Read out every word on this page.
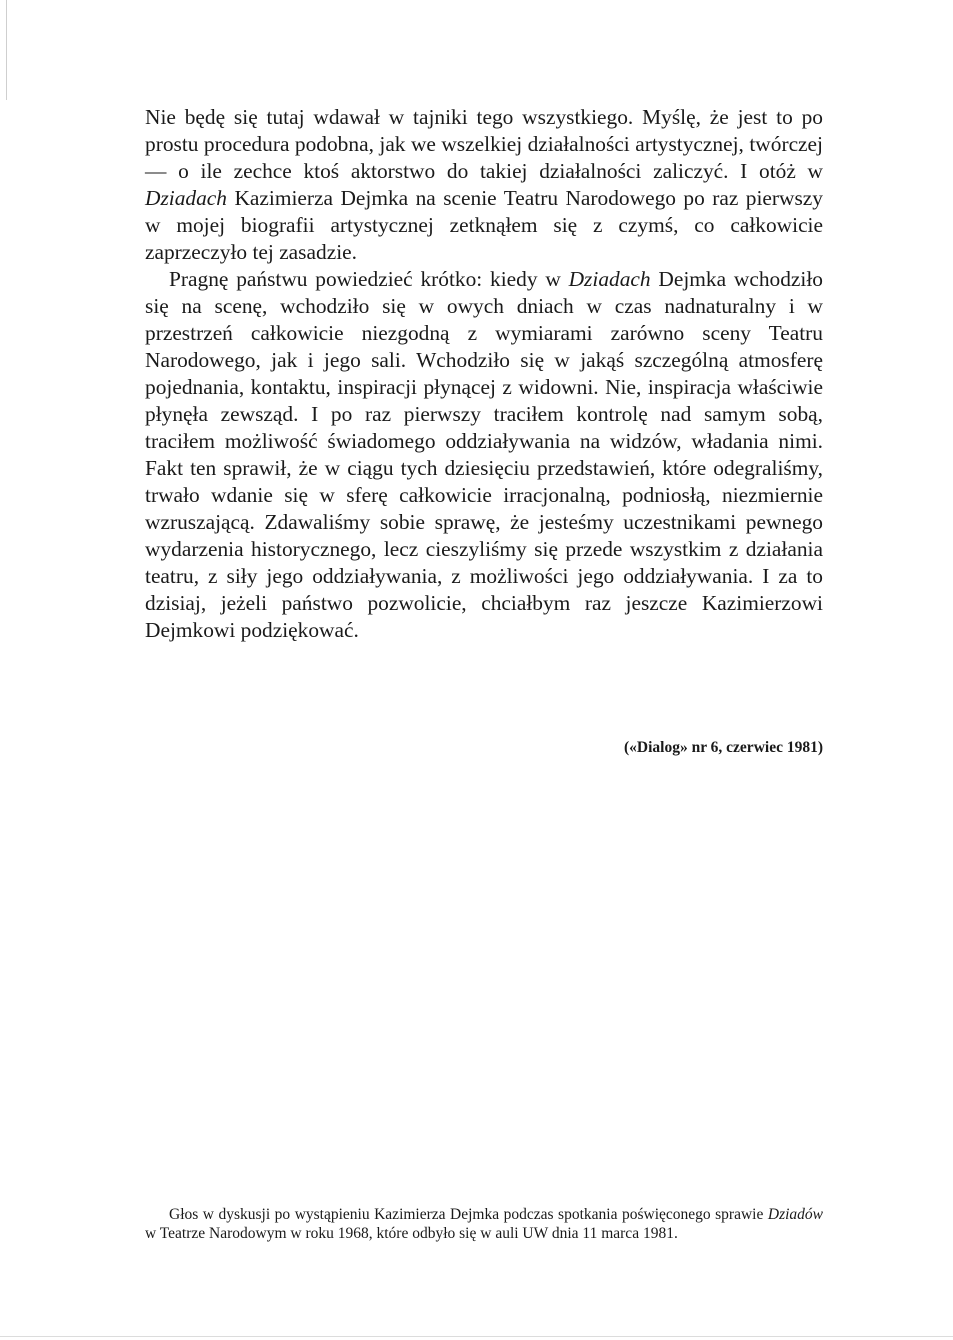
Nie będę się tutaj wdawał w tajniki tego wszystkiego. Myślę, że jest to po prostu procedura podobna, jak we wszelkiej działalności artystycznej, twórczej — o ile zechce ktoś aktorstwo do takiej działalności zaliczyć. I otóż w Dziadach Kazimierza Dejmka na scenie Teatru Narodowego po raz pierwszy w mojej biografii artystycznej zetknąłem się z czymś, co całkowicie zaprzeczyło tej zasadzie.

Pragnę państwu powiedzieć krótko: kiedy w Dziadach Dejmka wchodziło się na scenę, wchodziło się w owych dniach w czas nadnaturalny i w przestrzeń całkowicie niezgodną z wymiarami zarówno sceny Teatru Narodowego, jak i jego sali. Wchodziło się w jakąś szczególną atmosferę pojednania, kontaktu, inspiracji płynącej z widowni. Nie, inspiracja właściwie płynęła zewsząd. I po raz pierwszy traciłem kontrolę nad samym sobą, traciłem możliwość świadomego oddziaływania na widzów, władania nimi. Fakt ten sprawił, że w ciągu tych dziesięciu przedstawień, które odegraliśmy, trwało wdanie się w sferę całkowicie irracjonalną, podniosłą, niezmiernie wzruszającą. Zdawaliśmy sobie sprawę, że jesteśmy uczestnikami pewnego wydarzenia historycznego, lecz cieszyliśmy się przede wszystkim z działania teatru, z siły jego oddziaływania, z możliwości jego oddziaływania. I za to dzisiaj, jeżeli państwo pozwolicie, chciałbym raz jeszcze Kazimierzowi Dejmkowi podziękować.

(«Dialog» nr 6, czerwiec 1981)

Głos w dyskusji po wystąpieniu Kazimierza Dejmka podczas spotkania poświęconego sprawie Dziadów w Teatrze Narodowym w roku 1968, które odbyło się w auli UW dnia 11 marca 1981.
